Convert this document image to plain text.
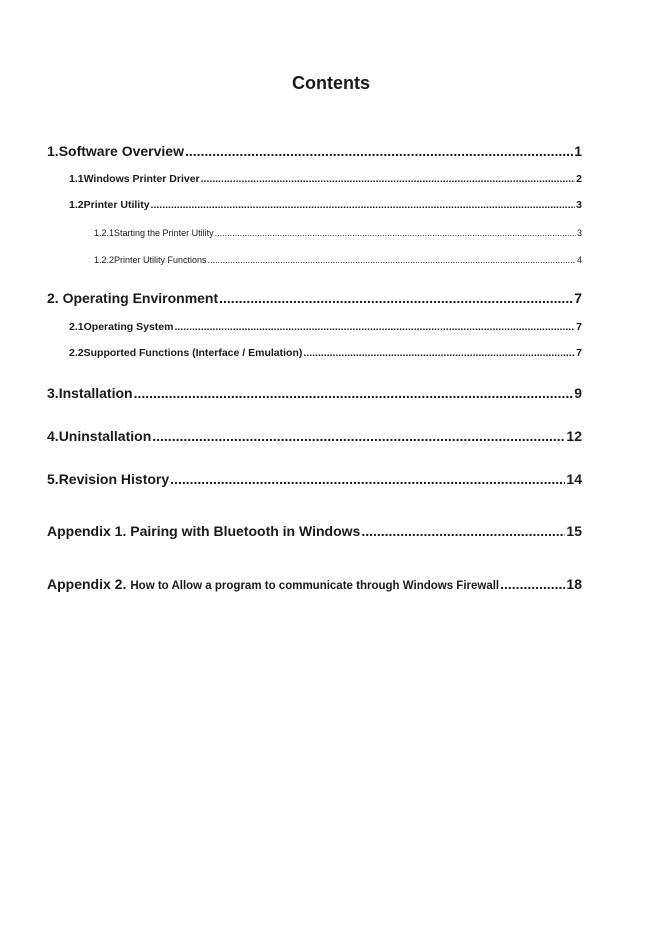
Contents
1. Software Overview .....	1
1.1 Windows Printer Driver .....	2
1.2 Printer Utility .....	3
1.2.1 Starting the Printer Utility .....	3
1.2.2 Printer Utility Functions .....	4
2. Operating Environment .....	7
2.1 Operating System .....	7
2.2 Supported Functions (Interface / Emulation) .....	7
3. Installation .....	9
4. Uninstallation .....	12
5. Revision History .....	14
Appendix 1. Pairing with Bluetooth in Windows .....	15
Appendix 2. How to Allow a program to communicate through Windows Firewall .....	18
